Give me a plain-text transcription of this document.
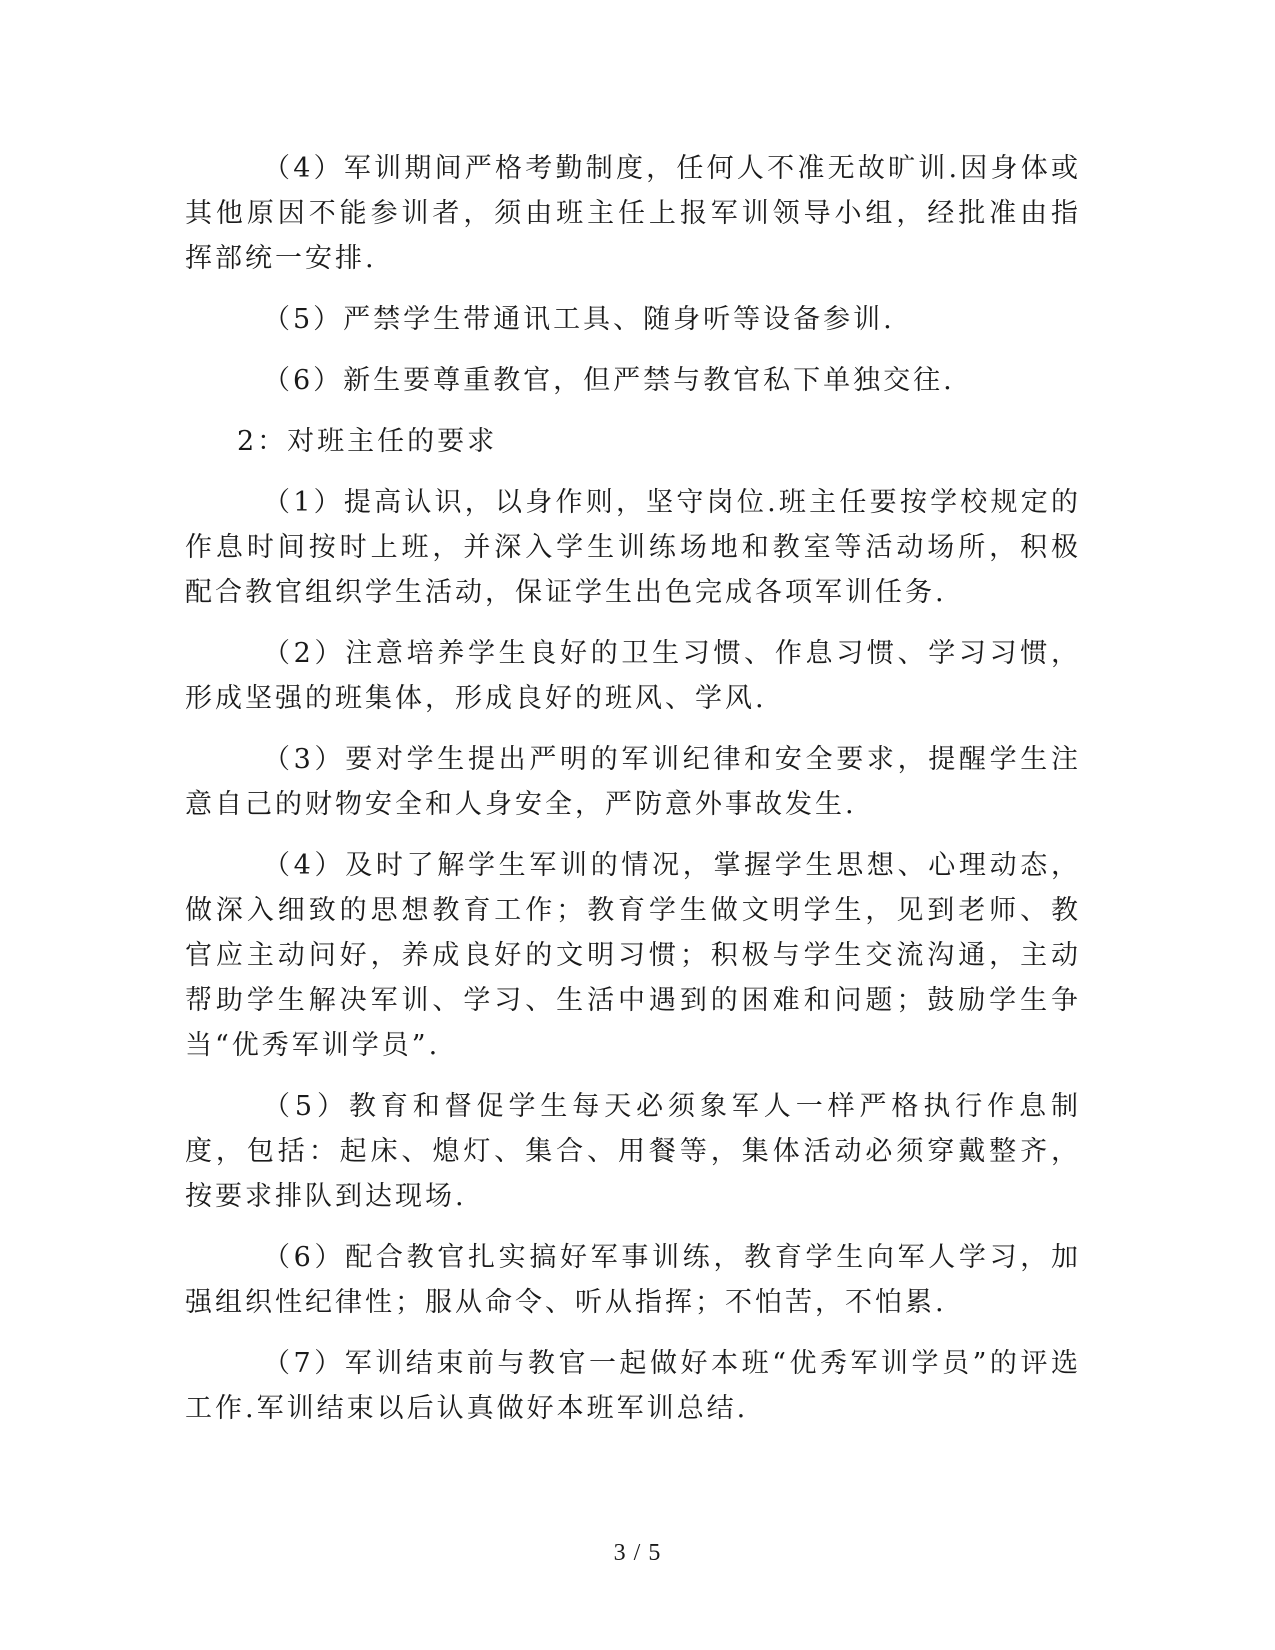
（4）军训期间严格考勤制度，任何人不准无故旷训.因身体或其他原因不能参训者，须由班主任上报军训领导小组，经批准由指挥部统一安排.

（5）严禁学生带通讯工具、随身听等设备参训.

（6）新生要尊重教官，但严禁与教官私下单独交往.

2：对班主任的要求

（1）提高认识，以身作则，坚守岗位.班主任要按学校规定的作息时间按时上班，并深入学生训练场地和教室等活动场所，积极配合教官组织学生活动，保证学生出色完成各项军训任务.

（2）注意培养学生良好的卫生习惯、作息习惯、学习习惯，形成坚强的班集体，形成良好的班风、学风.

（3）要对学生提出严明的军训纪律和安全要求，提醒学生注意自己的财物安全和人身安全，严防意外事故发生.

（4）及时了解学生军训的情况，掌握学生思想、心理动态，做深入细致的思想教育工作；教育学生做文明学生，见到老师、教官应主动问好，养成良好的文明习惯；积极与学生交流沟通，主动帮助学生解决军训、学习、生活中遇到的困难和问题；鼓励学生争当“优秀军训学员”.

（5）教育和督促学生每天必须象军人一样严格执行作息制度，包括：起床、熄灯、集合、用餐等，集体活动必须穿戴整齐，按要求排队到达现场.

（6）配合教官扎实搞好军事训练，教育学生向军人学习，加强组织性纪律性；服从命令、听从指挥；不怕苦，不怕累.

（7）军训结束前与教官一起做好本班“优秀军训学员”的评选工作.军训结束以后认真做好本班军训总结.

3 / 5
